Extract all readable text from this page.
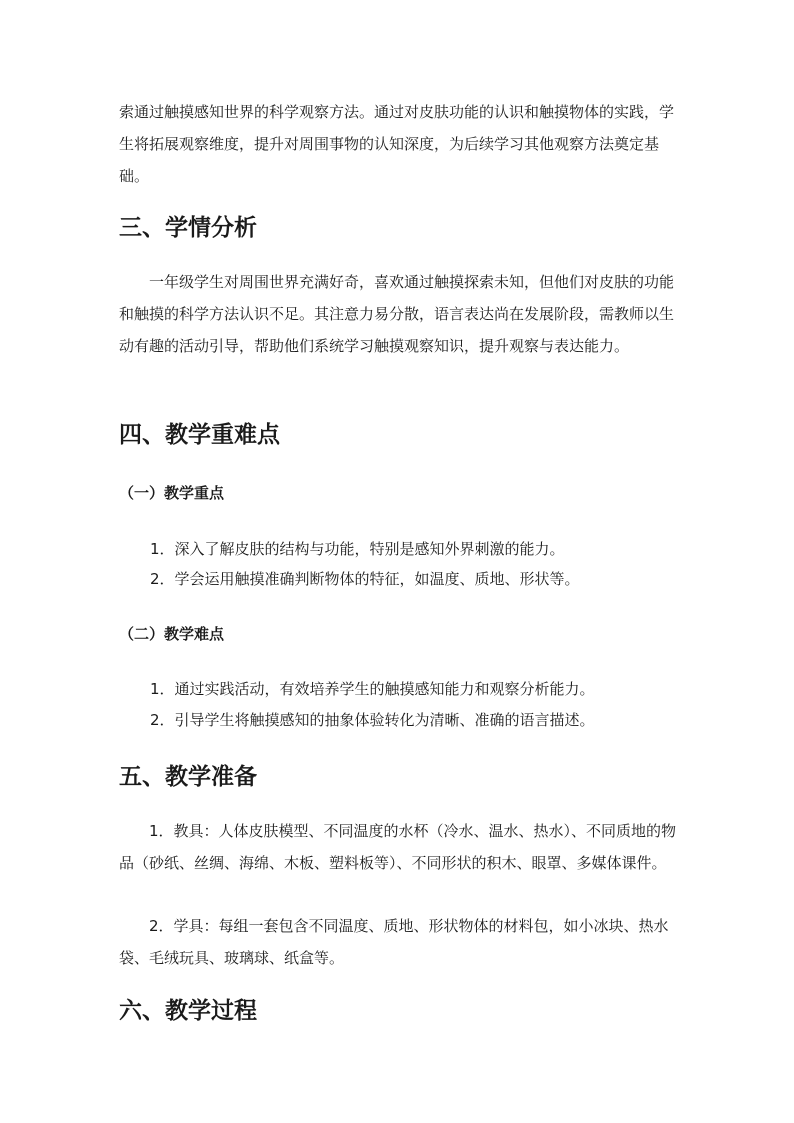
索通过触摸感知世界的科学观察方法。通过对皮肤功能的认识和触摸物体的实践，学生将拓展观察维度，提升对周围事物的认知深度，为后续学习其他观察方法奠定基础。

三、学情分析

一年级学生对周围世界充满好奇，喜欢通过触摸探索未知，但他们对皮肤的功能和触摸的科学方法认识不足。其注意力易分散，语言表达尚在发展阶段，需教师以生动有趣的活动引导，帮助他们系统学习触摸观察知识，提升观察与表达能力。

四、教学重难点
（一）教学重点

1．深入了解皮肤的结构与功能，特别是感知外界刺激的能力。

2．学会运用触摸准确判断物体的特征，如温度、质地、形状等。

（二）教学难点

1．通过实践活动，有效培养学生的触摸感知能力和观察分析能力。

2．引导学生将触摸感知的抽象体验转化为清晰、准确的语言描述。

五、教学准备

1．教具：人体皮肤模型、不同温度的水杯（冷水、温水、热水）、不同质地的物品（砂纸、丝绸、海绵、木板、塑料板等）、不同形状的积木、眼罩、多媒体课件。

2．学具：每组一套包含不同温度、质地、形状物体的材料包，如小冰块、热水袋、毛绒玩具、玻璃球、纸盒等。

六、教学过程
